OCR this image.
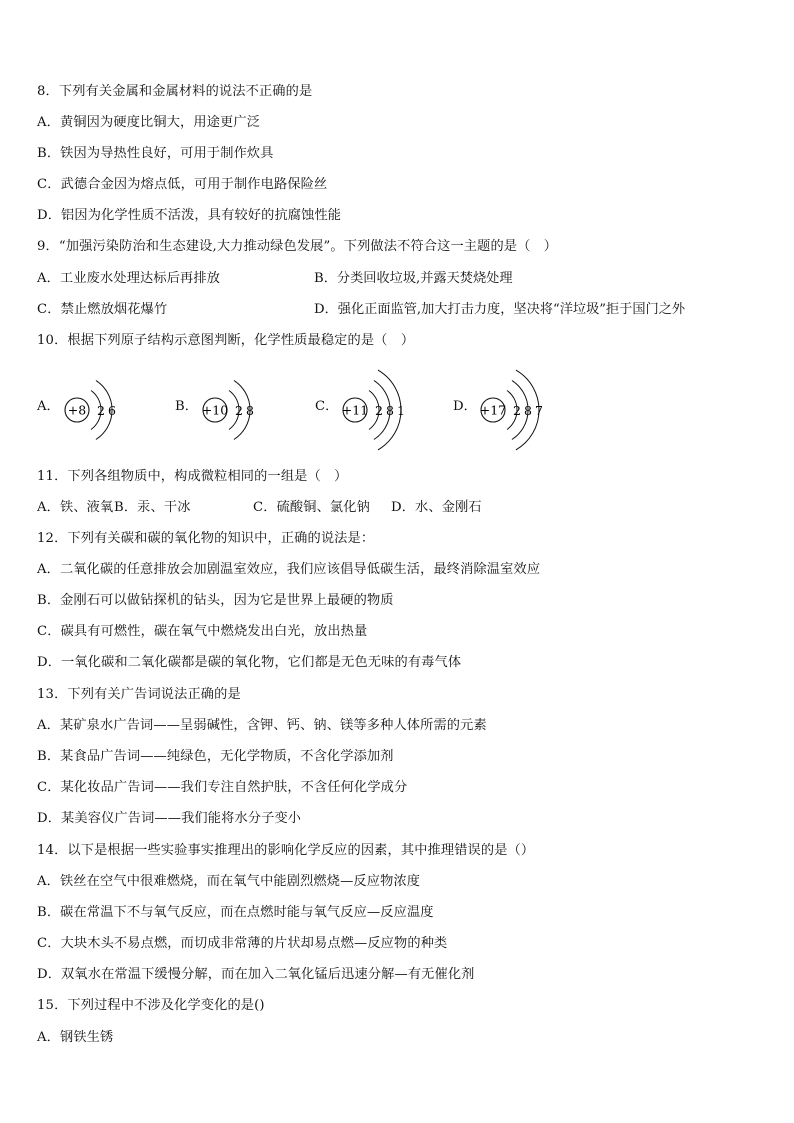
8．下列有关金属和金属材料的说法不正确的是
A．黄铜因为硬度比铜大，用途更广泛
B．铁因为导热性良好，可用于制作炊具
C．武德合金因为熔点低，可用于制作电路保险丝
D．铝因为化学性质不活泼，具有较好的抗腐蚀性能
9．“加强污染防治和生态建设,大力推动绿色发展”。下列做法不符合这一主题的是（　）
A．工业废水处理达标后再排放	B．分类回收垃圾,并露天焚烧处理
C．禁止燃放烟花爆竹	D．强化正面监管,加大打击力度，坚决将“洋垃圾”拒于国门之外
10．根据下列原子结构示意图判断，化学性质最稳定的是（　）
A． +8 2 6	B． +10 2 8	C． +11 2 8 1	D． +17 2 8 7
11．下列各组物质中，构成微粒相同的一组是（　）
A．铁、液氧B．汞、干冰	C．硫酸铜、氯化钠 D．水、金刚石
12．下列有关碳和碳的氧化物的知识中，正确的说法是：
A．二氧化碳的任意排放会加剧温室效应，我们应该倡导低碳生活，最终消除温室效应
B．金刚石可以做钻探机的钻头，因为它是世界上最硬的物质
C．碳具有可燃性，碳在氧气中燃烧发出白光，放出热量
D．一氧化碳和二氧化碳都是碳的氧化物，它们都是无色无味的有毒气体
13．下列有关广告词说法正确的是
A．某矿泉水广告词——呈弱碱性，含钾、钙、钠、镁等多种人体所需的元素
B．某食品广告词——纯绿色，无化学物质，不含化学添加剂
C．某化妆品广告词——我们专注自然护肤，不含任何化学成分
D．某美容仪广告词——我们能将水分子变小
14．以下是根据一些实验事实推理出的影响化学反应的因素，其中推理错误的是（）
A．铁丝在空气中很难燃烧，而在氧气中能剧烈燃烧—反应物浓度
B．碳在常温下不与氧气反应，而在点燃时能与氧气反应—反应温度
C．大块木头不易点燃，而切成非常薄的片状却易点燃—反应物的种类
D．双氧水在常温下缓慢分解，而在加入二氧化锰后迅速分解—有无催化剂
15．下列过程中不涉及化学变化的是()
A．钢铁生锈
